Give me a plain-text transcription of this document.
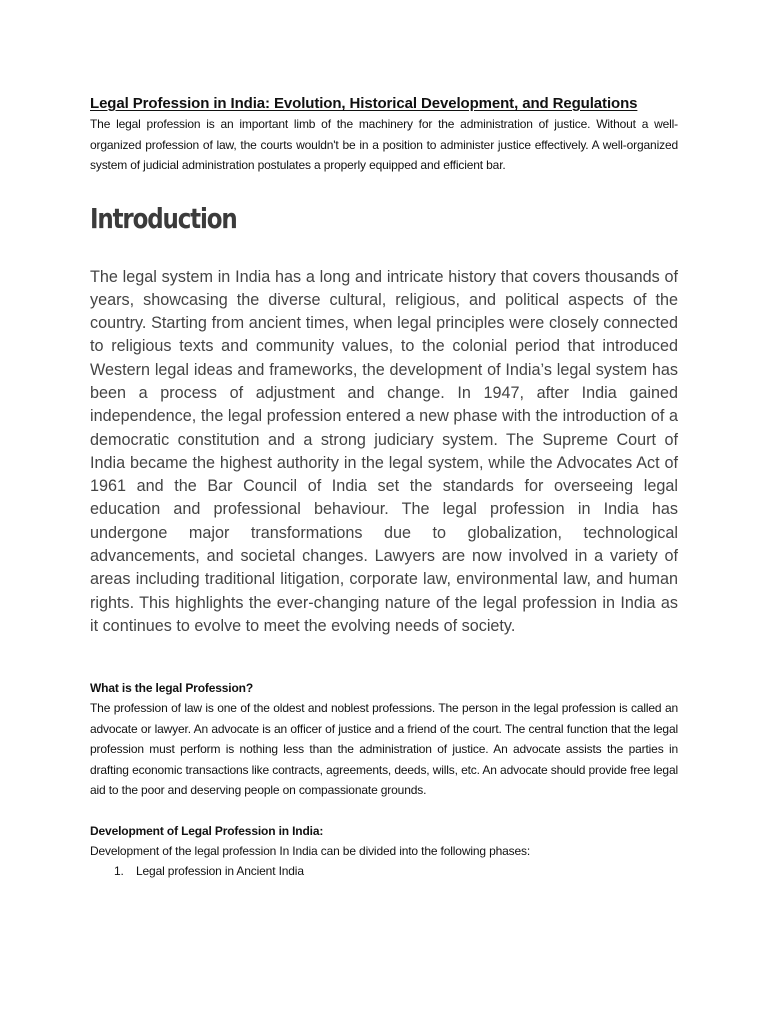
Legal Profession in India: Evolution, Historical Development, and Regulations

The legal profession is an important limb of the machinery for the administration of justice. Without a well-organized profession of law, the courts wouldn't be in a position to administer justice effectively. A well-organized system of judicial administration postulates a properly equipped and efficient bar.

Introduction

The legal system in India has a long and intricate history that covers thousands of years, showcasing the diverse cultural, religious, and political aspects of the country. Starting from ancient times, when legal principles were closely connected to religious texts and community values, to the colonial period that introduced Western legal ideas and frameworks, the development of India’s legal system has been a process of adjustment and change. In 1947, after India gained independence, the legal profession entered a new phase with the introduction of a democratic constitution and a strong judiciary system. The Supreme Court of India became the highest authority in the legal system, while the Advocates Act of 1961 and the Bar Council of India set the standards for overseeing legal education and professional behaviour. The legal profession in India has undergone major transformations due to globalization, technological advancements, and societal changes. Lawyers are now involved in a variety of areas including traditional litigation, corporate law, environmental law, and human rights. This highlights the ever-changing nature of the legal profession in India as it continues to evolve to meet the evolving needs of society.

What is the legal Profession?

The profession of law is one of the oldest and noblest professions. The person in the legal profession is called an advocate or lawyer. An advocate is an officer of justice and a friend of the court. The central function that the legal profession must perform is nothing less than the administration of justice. An advocate assists the parties in drafting economic transactions like contracts, agreements, deeds, wills, etc. An advocate should provide free legal aid to the poor and deserving people on compassionate grounds.

Development of Legal Profession in India:

Development of the legal profession In India can be divided into the following phases:

1. Legal profession in Ancient India
